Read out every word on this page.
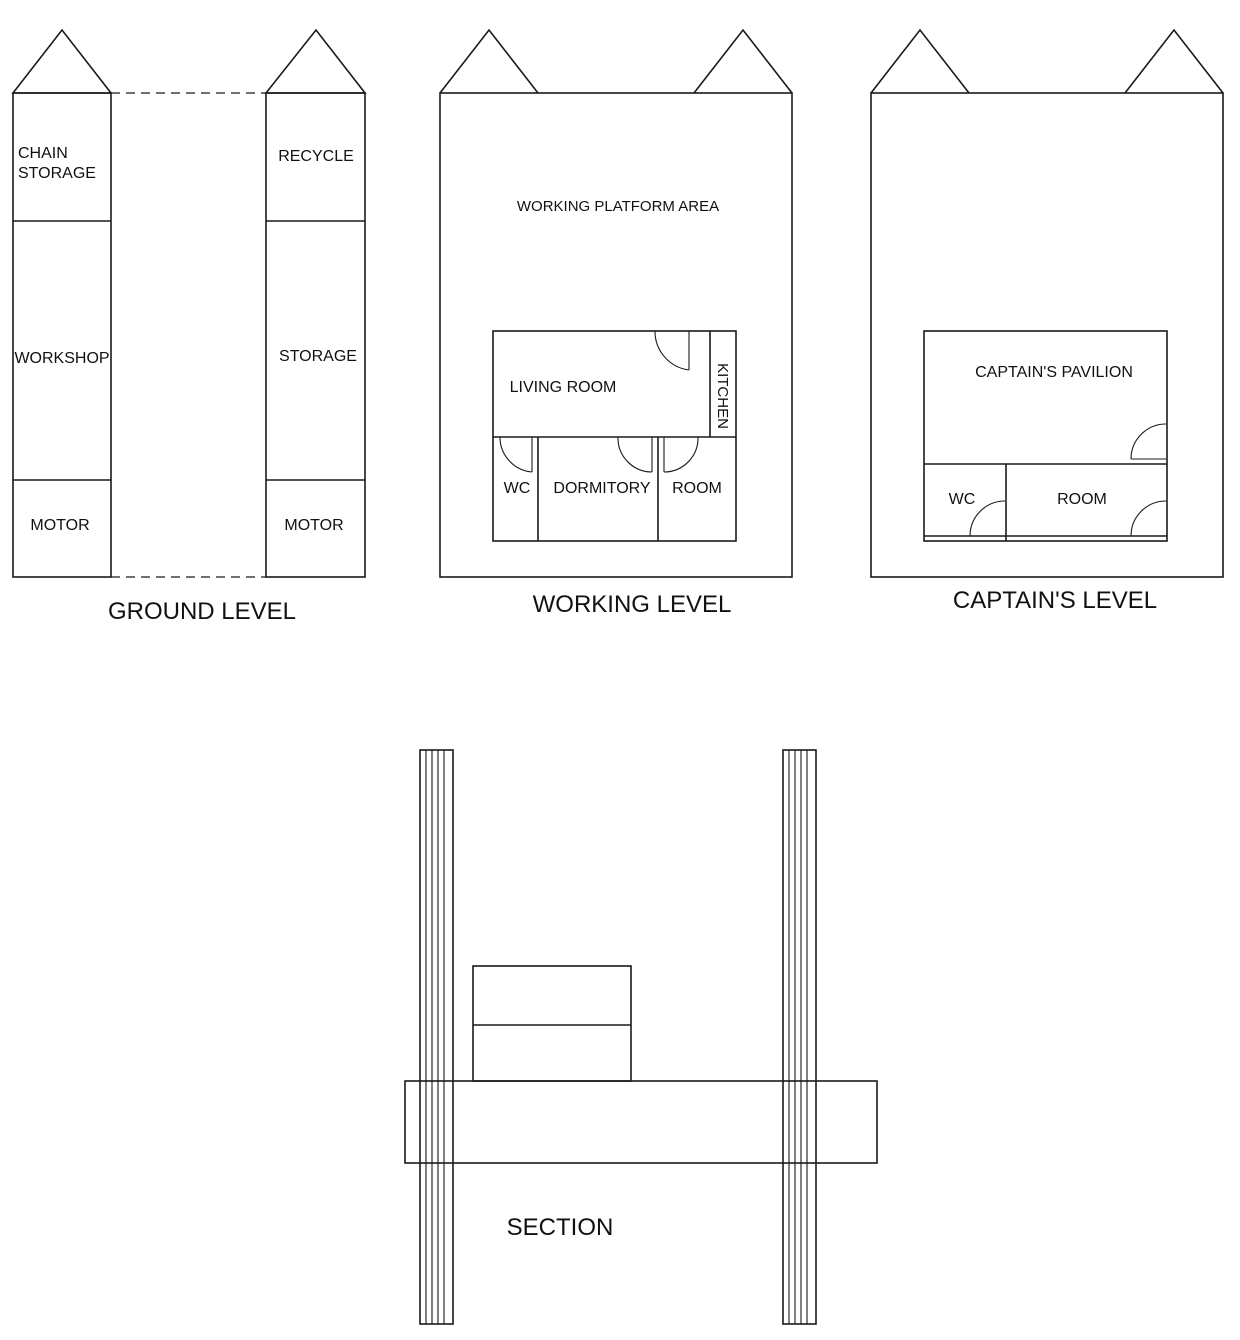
CHAIN
STORAGE
WORKSHOP
MOTOR
RECYCLE
STORAGE
MOTOR
GROUND LEVEL
WORKING PLATFORM AREA
LIVING ROOM	KITCHEN
WC DORMITORY ROOM
WORKING LEVEL
CAPTAIN'S PAVILION
WC	ROOM
CAPTAIN'S LEVEL
SECTION
